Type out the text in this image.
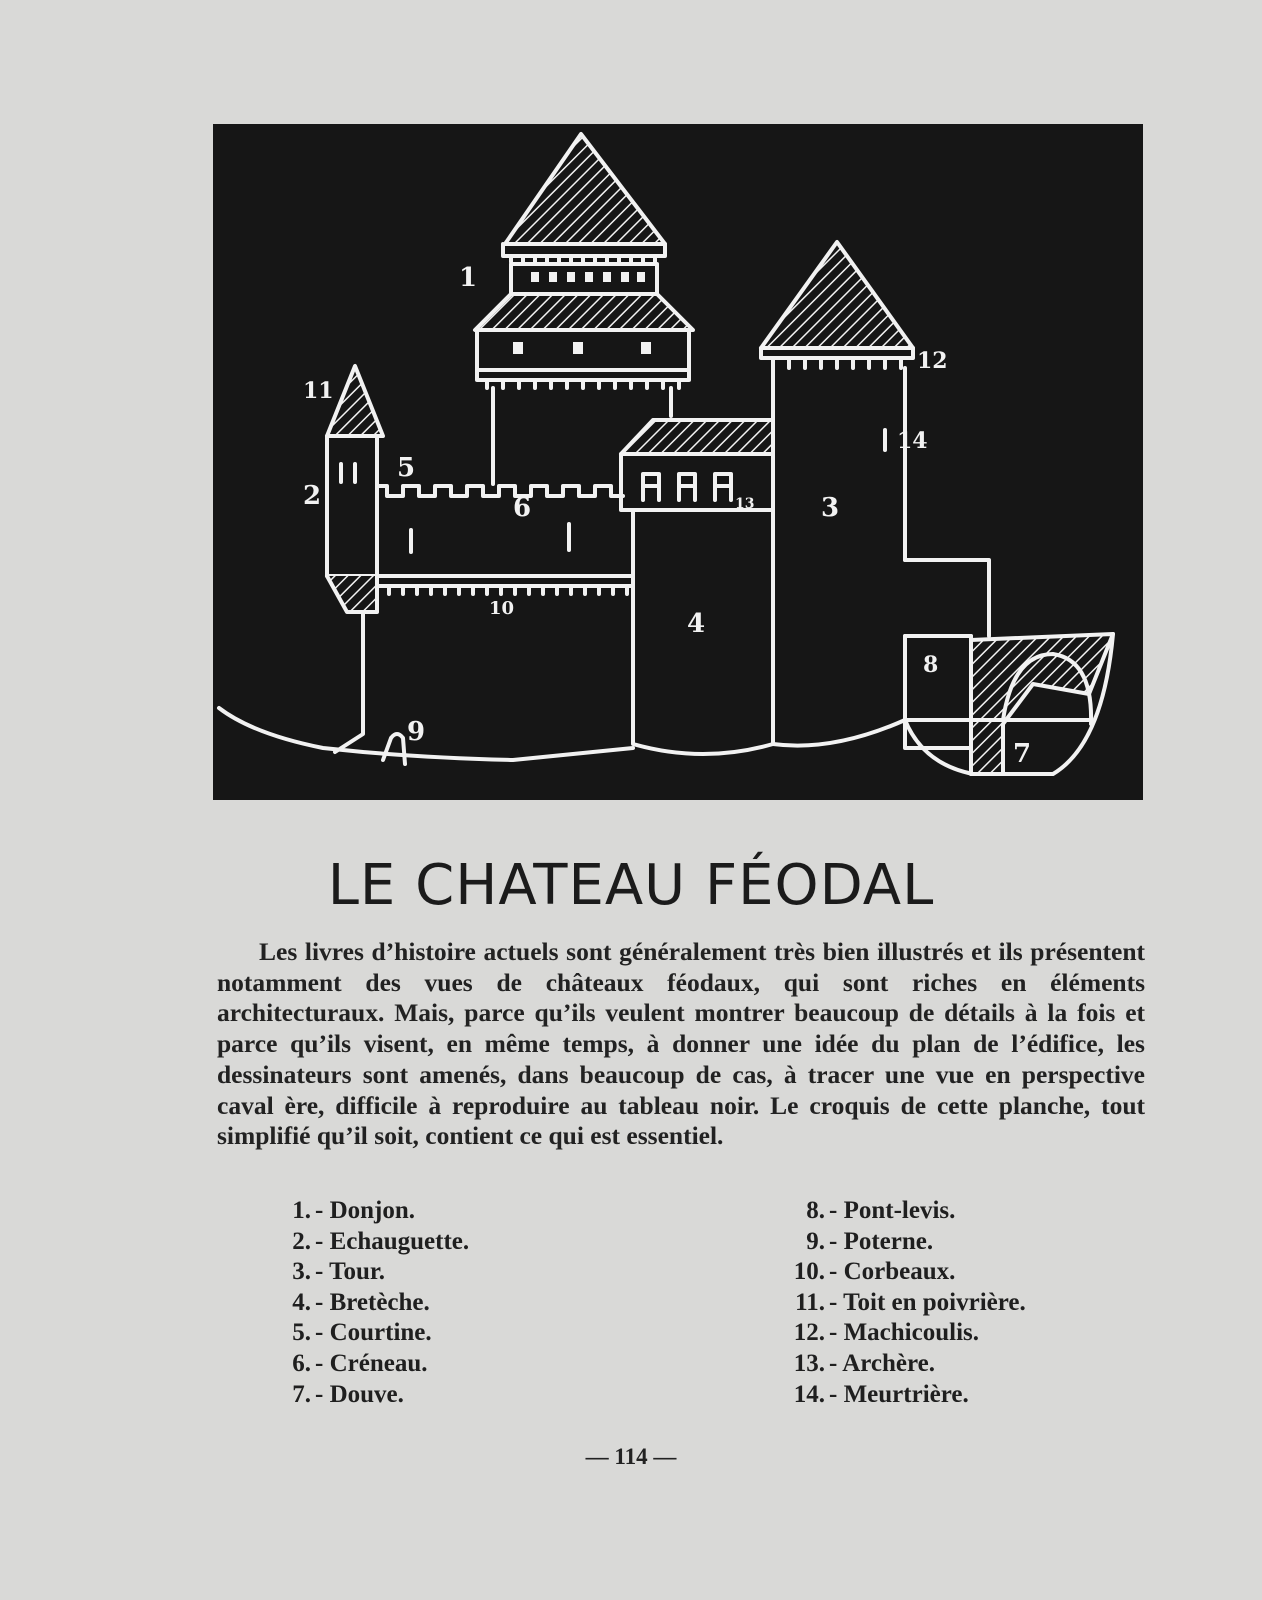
1
2	3
4
5
6
7
8
9
10
11
12
13
14
LE CHATEAU FÉODAL

Les livres d’histoire actuels sont généralement très bien illustrés et ils présentent notamment des vues de châteaux féodaux, qui sont riches en éléments architecturaux. Mais, parce qu’ils veulent montrer beaucoup de détails à la fois et parce qu’ils visent, en même temps, à donner une idée du plan de l’édifice, les dessinateurs sont amenés, dans beaucoup de cas, à tracer une vue en perspective caval ère, difficile à reproduire au tableau noir. Le croquis de cette planche, tout simplifié qu’il soit, contient ce qui est essentiel.

1. - Donjon.
2. - Echauguette.
3. - Tour.
4. - Bretèche.
5. - Courtine.
6. - Créneau.
7. - Douve.
8. - Pont-levis.
9. - Poterne.
10. - Corbeaux.
11. - Toit en poivrière.
12. - Machicoulis.
13. - Archère.
14. - Meurtrière.
— 114 —
